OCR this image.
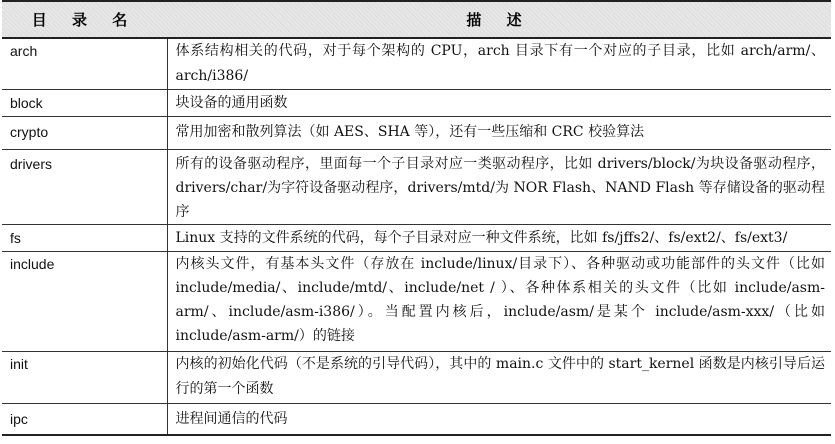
目 录 名	描 述
arch	体系结构相关的代码，对于每个架构的 CPU，arch 目录下有一个对应的子目录，比如 arch/arm/、arch/i386/
block	块设备的通用函数
crypto	常用加密和散列算法（如 AES、SHA 等），还有一些压缩和 CRC 校验算法
drivers	所有的设备驱动程序，里面每一个子目录对应一类驱动程序，比如 drivers/block/为块设备驱动程序，drivers/char/为字符设备驱动程序，drivers/mtd/为 NOR Flash、NAND Flash 等存储设备的驱动程序
fs	Linux 支持的文件系统的代码，每个子目录对应一种文件系统，比如 fs/jffs2/、fs/ext2/、fs/ext3/
include	内核头文件，有基本头文件（存放在 include/linux/目录下）、各种驱动或功能部件的头文件（比如 include/media/、include/mtd/、include/net / ）、各种体系相关的头文件（比如 include/asm-arm/、include/asm-i386/）。当配置内核后，include/asm/是某个 include/asm-xxx/（比如 include/asm-arm/）的链接
init	内核的初始化代码（不是系统的引导代码），其中的 main.c 文件中的 start_kernel 函数是内核引导后运行的第一个函数
ipc	进程间通信的代码
